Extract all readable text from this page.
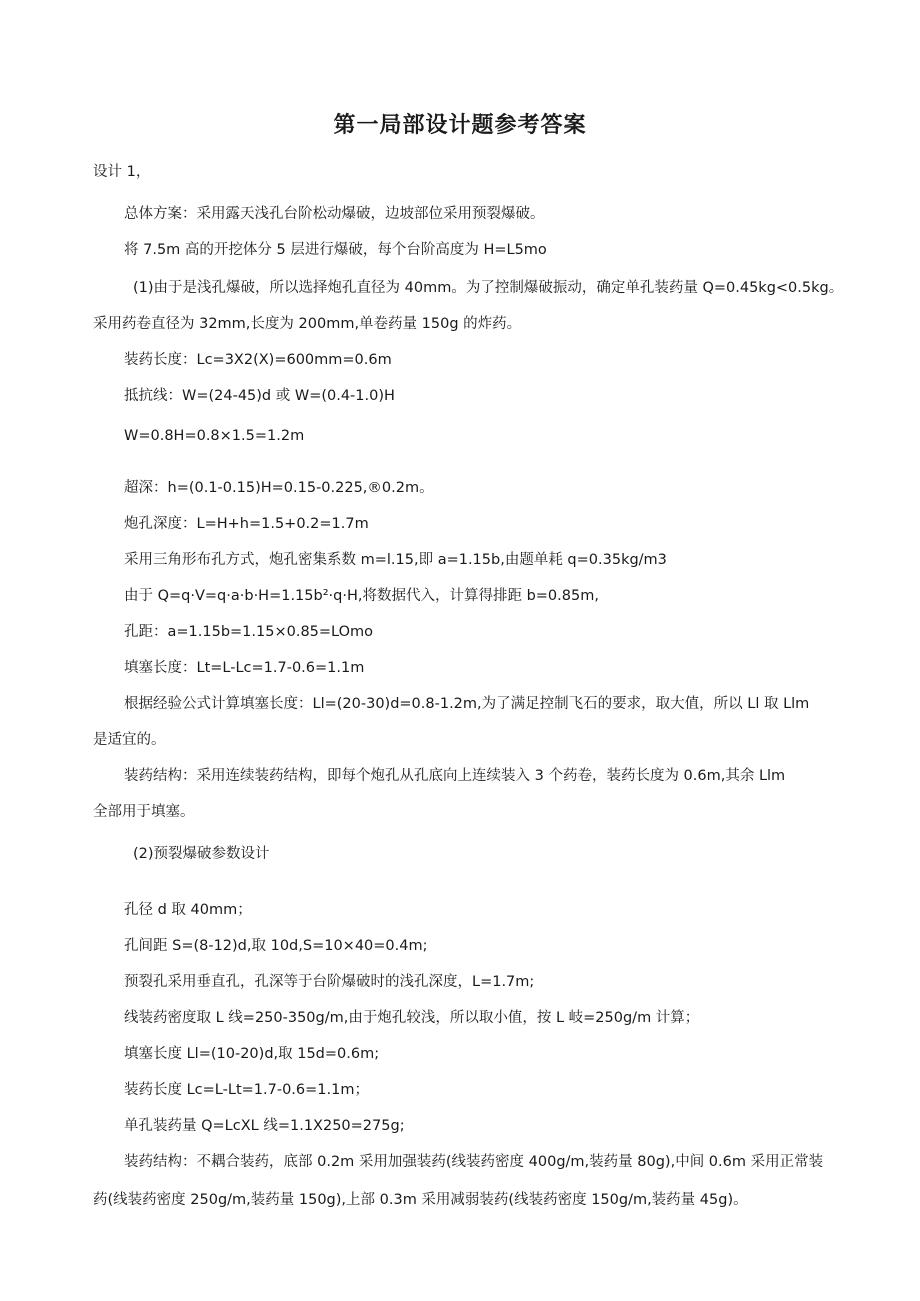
第一局部设计题参考答案
设计 1，
总体方案：采用露天浅孔台阶松动爆破，边坡部位采用预裂爆破。
将 7.5m 高的开挖体分 5 层进行爆破，每个台阶高度为 H=L5mo
(1)由于是浅孔爆破，所以选择炮孔直径为 40mm。为了控制爆破振动，确定单孔装药量 Q=0.45kg<0.5kg。
采用药卷直径为 32mm,长度为 200mm,单卷药量 150g 的炸药。
装药长度：Lc=3X2(X)=600mm=0.6m
抵抗线：W=(24-45)d 或 W=(0.4-1.0)H
W=0.8H=0.8×1.5=1.2m
超深：h=(0.1-0.15)H=0.15-0.225,®0.2m。
炮孔深度：L=H+h=1.5+0.2=1.7m
采用三角形布孔方式，炮孔密集系数 m=l.15,即 a=1.15b,由题单耗 q=0.35kg∕m3
由于 Q=q·V=q·a·b·H=1.15b²·q·H,将数据代入，计算得排距 b=0.85m,
孔距：a=1.15b=1.15×0.85=LOmo
填塞长度：Lt=L-Lc=1.7-0.6=1.1m
根据经验公式计算填塞长度：Ll=(20-30)d=0.8-1.2m,为了满足控制飞石的要求，取大值，所以 Ll 取 Llm
是适宜的。
装药结构：采用连续装药结构，即每个炮孔从孔底向上连续装入 3 个药卷，装药长度为 0.6m,其余 Llm
全部用于填塞。
(2)预裂爆破参数设计
孔径 d 取 40mm；
孔间距 S=(8-12)d,取 10d,S=10×40=0.4m;
预裂孔采用垂直孔，孔深等于台阶爆破时的浅孔深度，L=1.7m;
线装药密度取 L 线=250-350g∕m,由于炮孔较浅，所以取小值，按 L 岐=250g∕m 计算；
填塞长度 Ll=(10-20)d,取 15d=0.6m;
装药长度 Lc=L-Lt=1.7-0.6=1.1m；
单孔装药量 Q=LcXL 线=1.1X250=275g;
装药结构：不耦合装药，底部 0.2m 采用加强装药(线装药密度 400g∕m,装药量 80g),中间 0.6m 采用正常装
药(线装药密度 250g∕m,装药量 150g),上部 0.3m 采用减弱装药(线装药密度 150g∕m,装药量 45g)。
